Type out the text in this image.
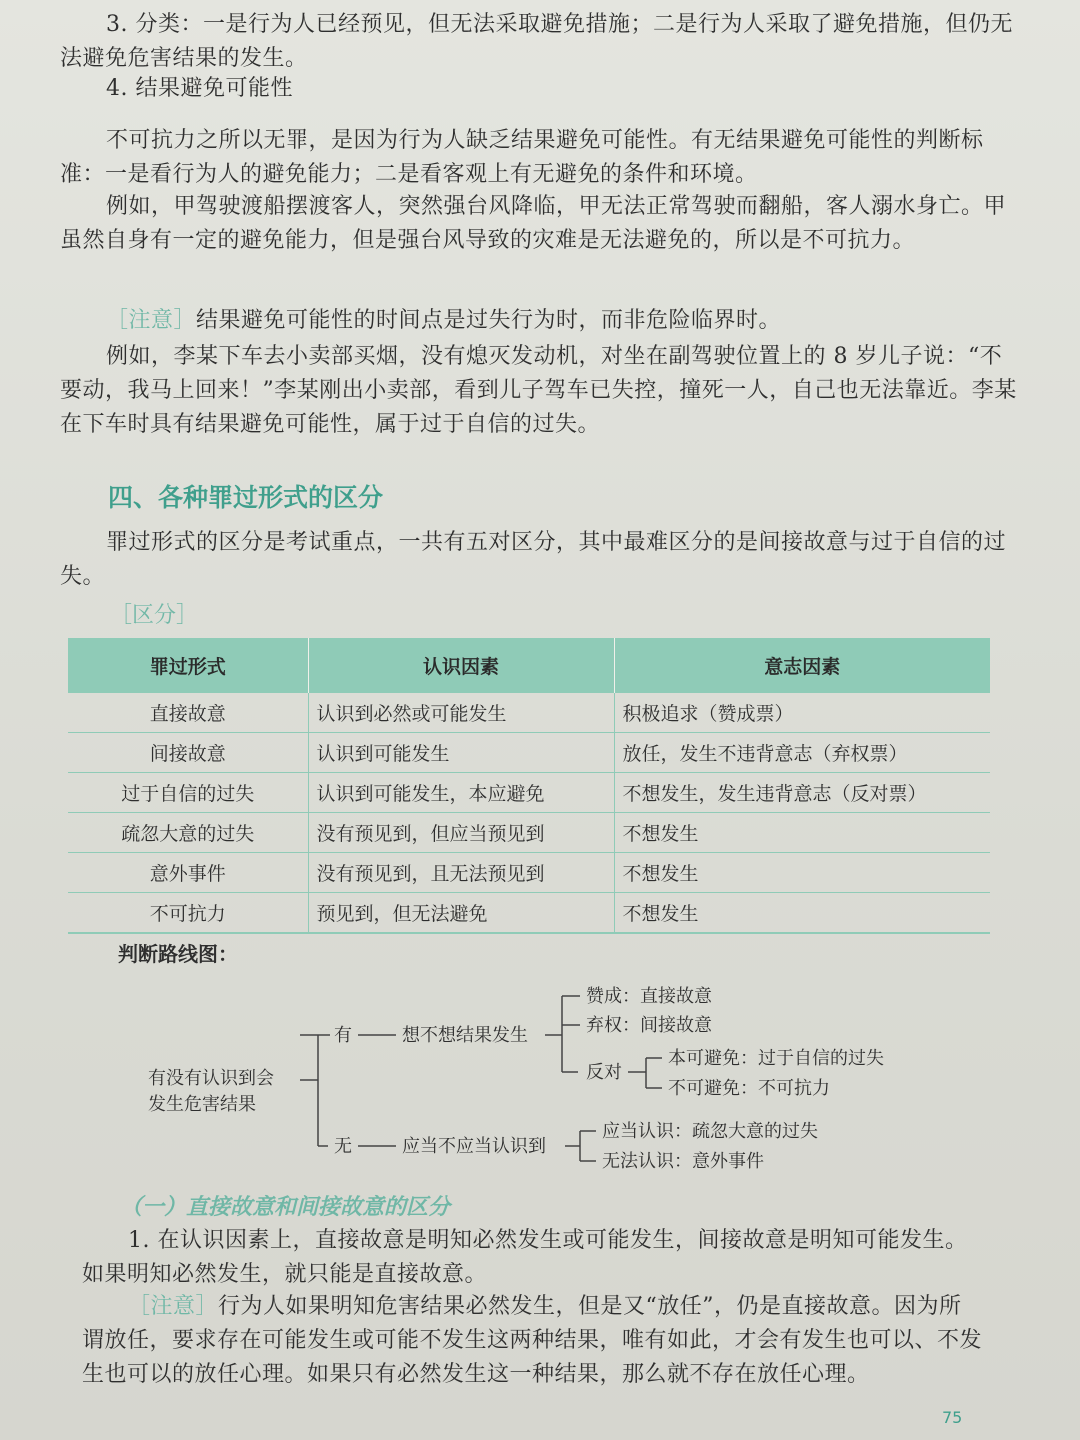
3. 分类：一是行为人已经预见，但无法采取避免措施；二是行为人采取了避免措施，但仍无法避免危害结果的发生。

4. 结果避免可能性

不可抗力之所以无罪，是因为行为人缺乏结果避免可能性。有无结果避免可能性的判断标准：一是看行为人的避免能力；二是看客观上有无避免的条件和环境。

例如，甲驾驶渡船摆渡客人，突然强台风降临，甲无法正常驾驶而翻船，客人溺水身亡。甲虽然自身有一定的避免能力，但是强台风导致的灾难是无法避免的，所以是不可抗力。

［注意］结果避免可能性的时间点是过失行为时，而非危险临界时。

例如，李某下车去小卖部买烟，没有熄灭发动机，对坐在副驾驶位置上的 8 岁儿子说：“不要动，我马上回来！”李某刚出小卖部，看到儿子驾车已失控，撞死一人，自己也无法靠近。李某在下车时具有结果避免可能性，属于过于自信的过失。

四、各种罪过形式的区分

罪过形式的区分是考试重点，一共有五对区分，其中最难区分的是间接故意与过于自信的过失。

［区分］
罪过形式	认识因素	意志因素
直接故意	认识到必然或可能发生	积极追求（赞成票）
间接故意	认识到可能发生	放任，发生不违背意志（弃权票）
过于自信的过失	认识到可能发生，本应避免	不想发生，发生违背意志（反对票）
疏忽大意的过失	没有预见到，但应当预见到	不想发生
意外事件	没有预见到，且无法预见到	不想发生
不可抗力	预见到，但无法避免	不想发生
判断路线图：
有没有认识到会
发生危害结果
有	想不想结果发生
赞成：直接故意
弃权：间接故意
反对
本可避免：过于自信的过失
不可避免：不可抗力
无	应当不应当认识到
应当认识：疏忽大意的过失
无法认识：意外事件
（一）直接故意和间接故意的区分

1. 在认识因素上，直接故意是明知必然发生或可能发生，间接故意是明知可能发生。如果明知必然发生，就只能是直接故意。

［注意］行为人如果明知危害结果必然发生，但是又“放任”，仍是直接故意。因为所谓放任，要求存在可能发生或可能不发生这两种结果，唯有如此，才会有发生也可以、不发生也可以的放任心理。如果只有必然发生这一种结果，那么就不存在放任心理。

75
